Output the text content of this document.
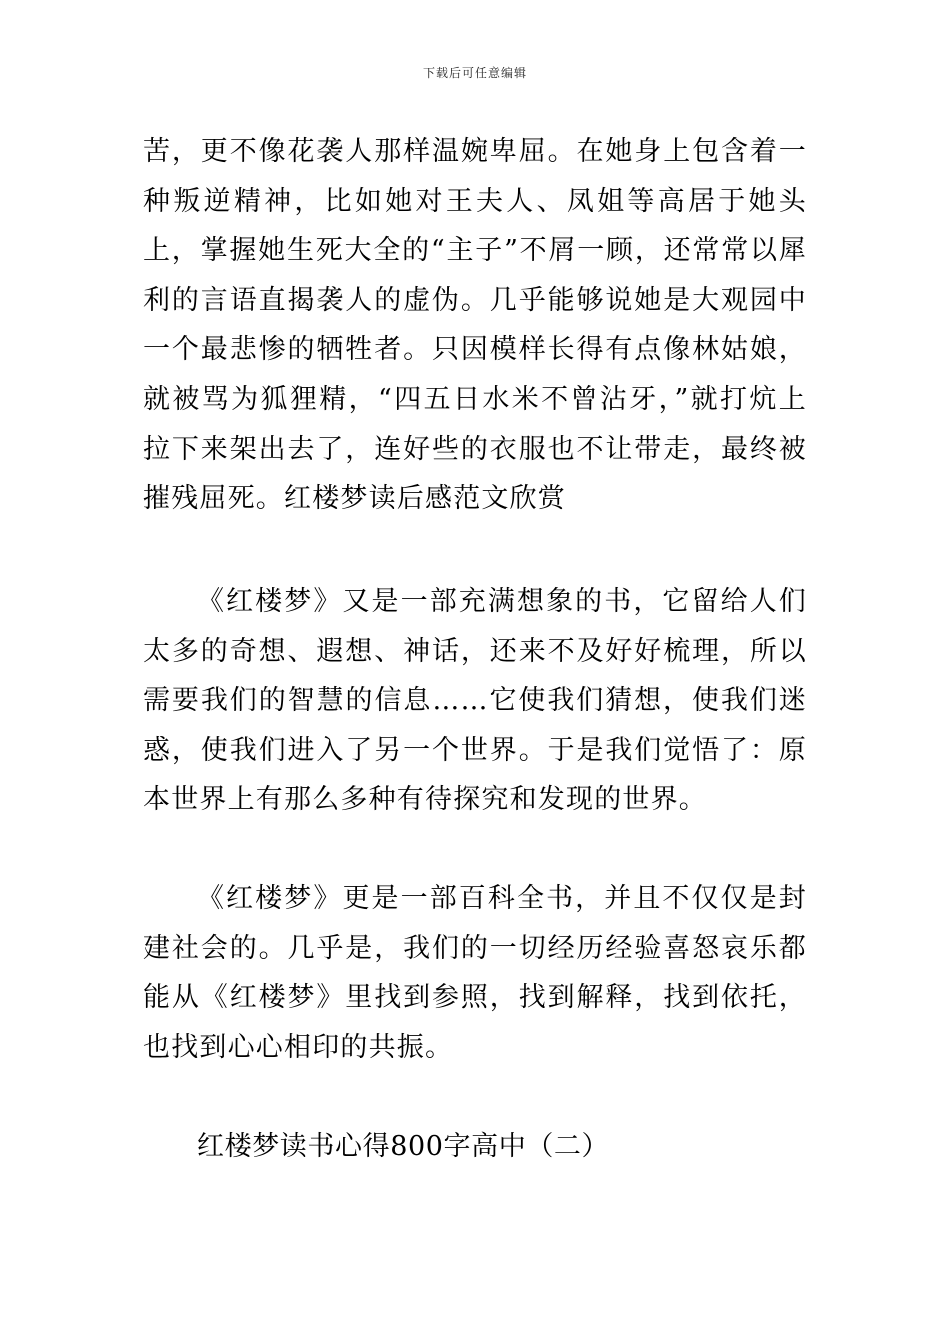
下载后可任意编辑

苦，更不像花袭人那样温婉卑屈。在她身上包含着一种叛逆精神，比如她对王夫人、凤姐等高居于她头上，掌握她生死大全的“主子”不屑一顾，还常常以犀利的言语直揭袭人的虚伪。几乎能够说她是大观园中一个最悲惨的牺牲者。只因模样长得有点像林姑娘，就被骂为狐狸精，“四五日水米不曾沾牙，”就打炕上拉下来架出去了，连好些的衣服也不让带走，最终被摧残屈死。红楼梦读后感范文欣赏

《红楼梦》又是一部充满想象的书，它留给人们太多的奇想、遐想、神话，还来不及好好梳理，所以需要我们的智慧的信息……它使我们猜想，使我们迷惑，使我们进入了另一个世界。于是我们觉悟了：原本世界上有那么多种有待探究和发现的世界。

《红楼梦》更是一部百科全书，并且不仅仅是封建社会的。几乎是，我们的一切经历经验喜怒哀乐都能从《红楼梦》里找到参照，找到解释，找到依托，也找到心心相印的共振。

红楼梦读书心得800字高中（二）
